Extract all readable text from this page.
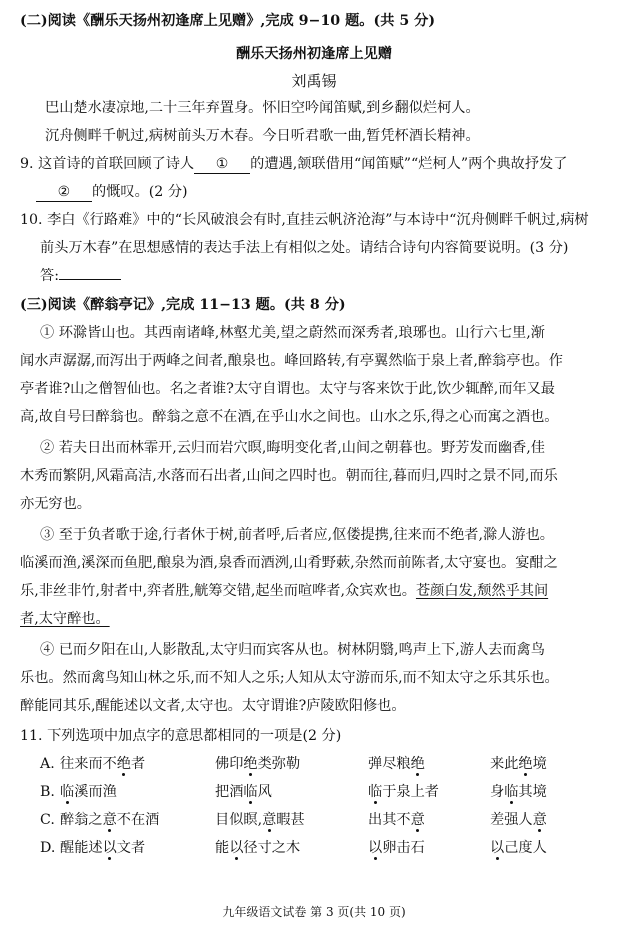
(二)阅读《酬乐天扬州初逢席上见赠》,完成 9−10 题。(共 5 分)
酬乐天扬州初逢席上见赠
刘禹锡
巴山楚水凄凉地,二十三年弃置身。怀旧空吟闻笛赋,到乡翻似烂柯人。
沉舟侧畔千帆过,病树前头万木春。今日听君歌一曲,暂凭杯酒长精神。
9. 这首诗的首联回顾了诗人 ① 的遭遇,颔联借用“闻笛赋”“烂柯人”两个典故抒发了
② 的慨叹。(2 分)
10. 李白《行路难》中的“长风破浪会有时,直挂云帆济沧海”与本诗中“沉舟侧畔千帆过,病树
前头万木春”在思想感情的表达手法上有相似之处。请结合诗句内容简要说明。(3 分)
答:
(三)阅读《醉翁亭记》,完成 11−13 题。(共 8 分)
① 环滁皆山也。其西南诸峰,林壑尤美,望之蔚然而深秀者,琅琊也。山行六七里,渐
闻水声潺潺,而泻出于两峰之间者,酿泉也。峰回路转,有亭翼然临于泉上者,醉翁亭也。作
亭者谁?山之僧智仙也。名之者谁?太守自谓也。太守与客来饮于此,饮少辄醉,而年又最
高,故自号曰醉翁也。醉翁之意不在酒,在乎山水之间也。山水之乐,得之心而寓之酒也。
② 若夫日出而林霏开,云归而岩穴暝,晦明变化者,山间之朝暮也。野芳发而幽香,佳
木秀而繁阴,风霜高洁,水落而石出者,山间之四时也。朝而往,暮而归,四时之景不同,而乐
亦无穷也。
③ 至于负者歌于途,行者休于树,前者呼,后者应,伛偻提携,往来而不绝者,滁人游也。
临溪而渔,溪深而鱼肥,酿泉为酒,泉香而酒洌,山肴野蔌,杂然而前陈者,太守宴也。宴酣之
乐,非丝非竹,射者中,弈者胜,觥筹交错,起坐而喧哗者,众宾欢也。苍颜白发,颓然乎其间
者,太守醉也。
④ 已而夕阳在山,人影散乱,太守归而宾客从也。树林阴翳,鸣声上下,游人去而禽鸟
乐也。然而禽鸟知山林之乐,而不知人之乐;人知从太守游而乐,而不知太守之乐其乐也。
醉能同其乐,醒能述以文者,太守也。太守谓谁?庐陵欧阳修也。
11. 下列选项中加点字的意思都相同的一项是(2 分)
A. 往来而不绝者	佛印绝类弥勒	弹尽粮绝	来此绝境
B. 临溪而渔	把酒临风	临于泉上者	身临其境
C. 醉翁之意不在酒	目似瞑,意暇甚	出其不意	差强人意
D. 醒能述以文者	能以径寸之木	以卵击石	以己度人
九年级语文试卷 第 3 页(共 10 页)
